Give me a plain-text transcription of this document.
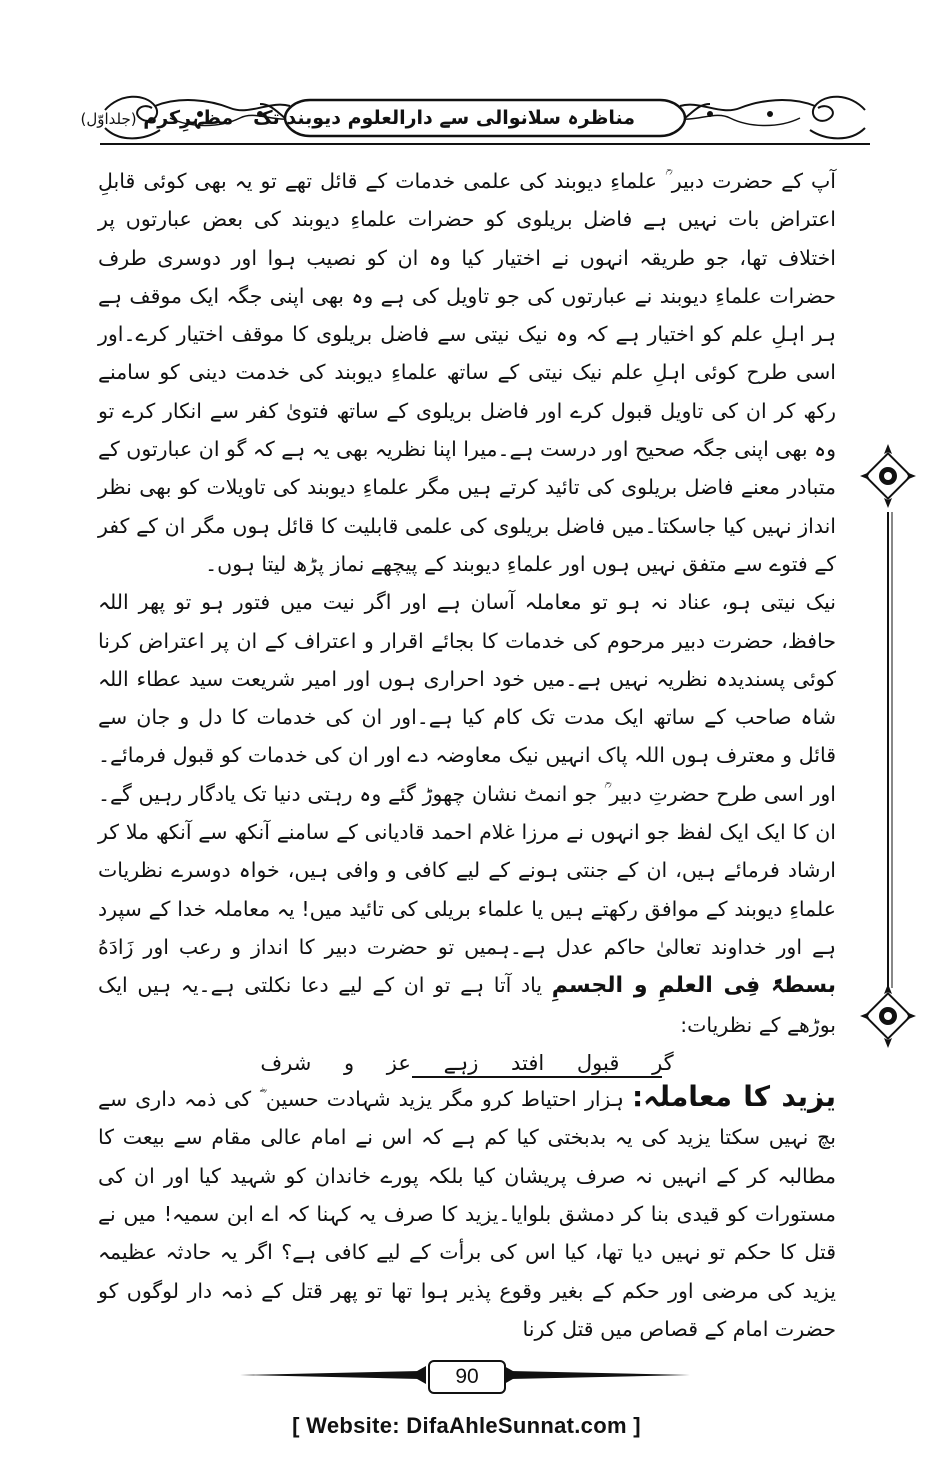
مناظرہ سلانوالی سے دارالعلوم دیوبند تک   مظہرِکرم (جلداوّل)

آپ کے حضرت دبیر ؒ علماءِ دیوبند کی علمی خدمات کے قائل تھے تو یہ بھی کوئی قابلِ اعتراض بات نہیں ہے فاضل بریلوی کو حضرات علماءِ دیوبند کی بعض عبارتوں پر اختلاف تھا، جو طریقہ انہوں نے اختیار کیا وہ ان کو نصیب ہوا اور دوسری طرف حضرات علماءِ دیوبند نے عبارتوں کی جو تاویل کی ہے وہ بھی اپنی جگہ ایک موقف ہے ہر اہلِ علم کو اختیار ہے کہ وہ نیک نیتی سے فاضل بریلوی کا موقف اختیار کرے۔اور اسی طرح کوئی اہلِ علم نیک نیتی کے ساتھ علماءِ دیوبند کی خدمت دینی کو سامنے رکھ کر ان کی تاویل قبول کرے اور فاضل بریلوی کے ساتھ فتویٰ کفر سے انکار کرے تو وہ بھی اپنی جگہ صحیح اور درست ہے۔میرا اپنا نظریہ بھی یہ ہے کہ گو ان عبارتوں کے متبادر معنے فاضل بریلوی کی تائید کرتے ہیں مگر علماءِ دیوبند کی تاویلات کو بھی نظر انداز نہیں کیا جاسکتا۔میں فاضل بریلوی کی علمی قابلیت کا قائل ہوں مگر ان کے کفر کے فتوے سے متفق نہیں ہوں اور علماءِ دیوبند کے پیچھے نماز پڑھ لیتا ہوں۔

نیک نیتی ہو، عناد نہ ہو تو معاملہ آسان ہے اور اگر نیت میں فتور ہو تو پھر اللہ حافظ، حضرت دبیر مرحوم کی خدمات کا بجائے اقرار و اعتراف کے ان پر اعتراض کرنا کوئی پسندیدہ نظریہ نہیں ہے۔میں خود احراری ہوں اور امیر شریعت سید عطاء اللہ شاہ صاحب کے ساتھ ایک مدت تک کام کیا ہے۔اور ان کی خدمات کا دل و جان سے قائل و معترف ہوں اللہ پاک انہیں نیک معاوضہ دے اور ان کی خدمات کو قبول فرمائے۔اور اسی طرح حضرتِ دبیر ؒ جو انمٹ نشان چھوڑ گئے وہ رہتی دنیا تک یادگار رہیں گے۔ان کا ایک ایک لفظ جو انہوں نے مرزا غلام احمد قادیانی کے سامنے آنکھ سے آنکھ ملا کر ارشاد فرمائے ہیں، ان کے جنتی ہونے کے لیے کافی و وافی ہیں، خواہ دوسرے نظریات علماءِ دیوبند کے موافق رکھتے ہیں یا علماء بریلی کی تائید میں! یہ معاملہ خدا کے سپرد ہے اور خداوند تعالیٰ حاکم عدل ہے۔ہمیں تو حضرت دبیر کا انداز و رعب اور زَادَهُ بسطۃً فِی العلمِ و الجسمِ یاد آتا ہے تو ان کے لیے دعا نکلتی ہے۔یہ ہیں ایک بوڑھے کے نظریات:

گر قبول افتد زہے عز و شرف

یزید کا معاملہ: ہزار احتیاط کرو مگر یزید شہادت حسین ؓ کی ذمہ داری سے بچ نہیں سکتا یزید کی یہ بدبختی کیا کم ہے کہ اس نے امام عالی مقام سے بیعت کا مطالبہ کر کے انہیں نہ صرف پریشان کیا بلکہ پورے خاندان کو شہید کیا اور ان کی مستورات کو قیدی بنا کر دمشق بلوایا۔یزید کا صرف یہ کہنا کہ اے ابن سمیہ! میں نے قتل کا حکم تو نہیں دیا تھا، کیا اس کی برأت کے لیے کافی ہے؟ اگر یہ حادثہ عظیمہ یزید کی مرضی اور حکم کے بغیر وقوع پذیر ہوا تھا تو پھر قتل کے ذمہ دار لوگوں کو حضرت امام کے قصاص میں قتل کرنا

90
[ Website: DifaAhleSunnat.com ]
